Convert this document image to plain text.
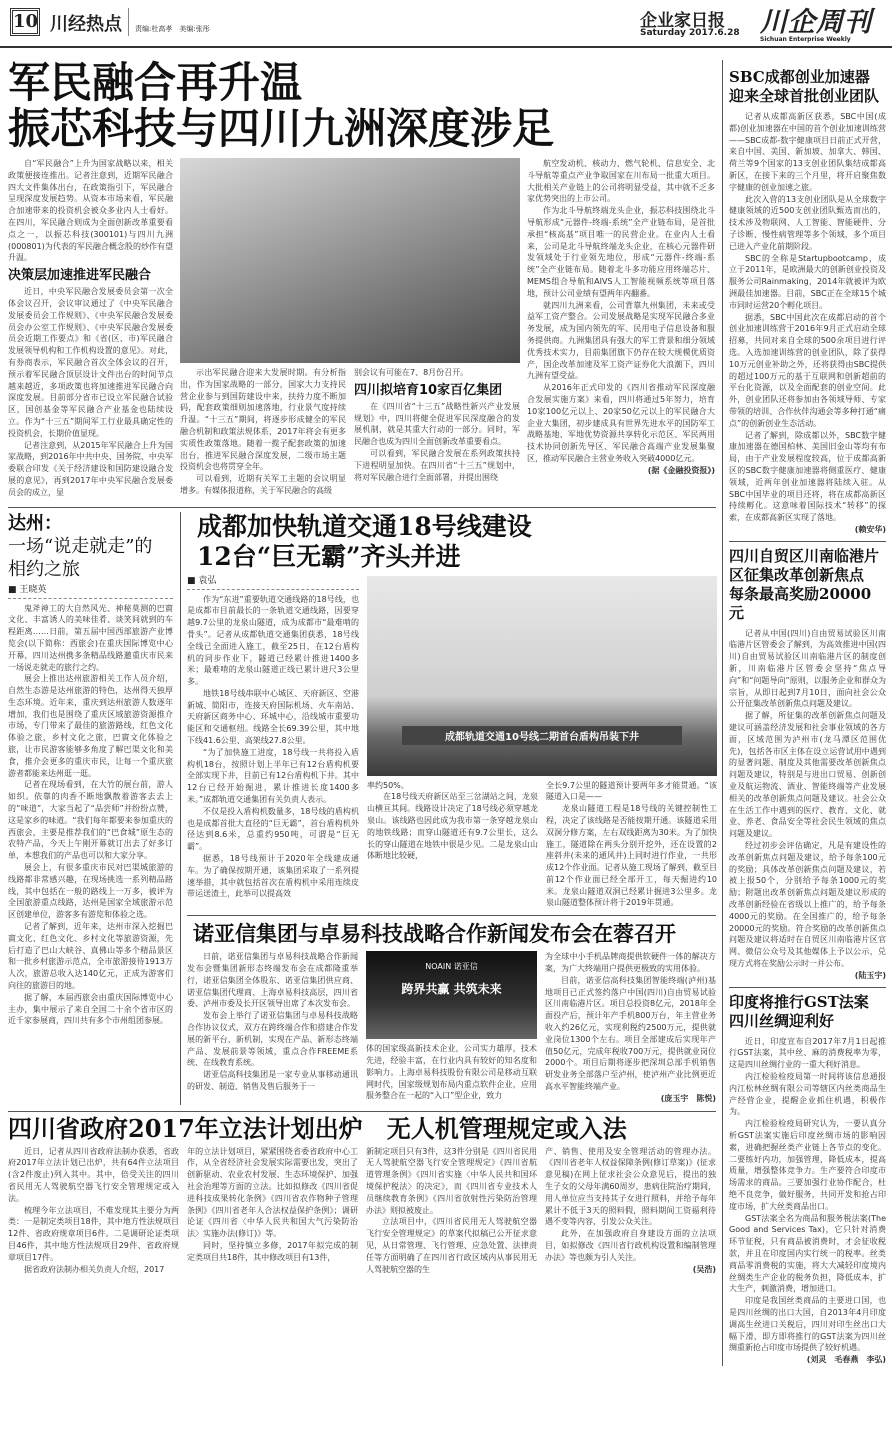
10 川经热点 责编:杜高孝　美编:张彤	企业家日报
Saturday 2017.6.28 川企周刊
Sichuan Enterprise Weekly
军民融合再升温
振芯科技与四川九洲深度涉足

自“军民融合”上升为国家战略以来，相关政策便接连推出。记者注意到，近期军民融合四大文件集体出台，在政策指引下，军民融合呈现深度发展趋势。从资本市场来看，军民融合加速带来的投资机会被众多业内人士看好。在四川，军民融合则成为全面创新改革重要看点之一，以振芯科技(300101)与四川九洲(000801)为代表的军民融合概念股的炒作有望升温。

决策层加速推进军民融合

近日，中央军民融合发展委员会第一次全体会议召开，会议审议通过了《中央军民融合发展委员会工作规则》、《中央军民融合发展委员会办公室工作规则》、《中央军民融合发展委员会近期工作要点》和《省(区、市)军民融合发展领导机构和工作机构设置的意见》。对此，有券商表示，军民融合首次全体会议的召开，预示着军民融合顶层设计文件出台的时间节点越来越近，多项政策也将加速推进军民融合向深度发展。目前部分省市已设立军民融合试验区，国创基金等军民融合产业基金也陆续设立。作为“十三五”期间军工行业最具确定性的投资机会，长期价值显现。

记者注意到，从2015年军民融合上升为国家战略，到2016年中共中央、国务院、中央军委联合印发《关于经济建设和国防建设融合发展的意见》，再到2017年中央军民融合发展委员会的成立，显

示出军民融合迎来大发展时期。有分析指出，作为国家战略的一部分，国家大力支持民营企业参与到国防建设中来，扶持力度不断加码，配套政策细则加速落地，行业景气度持续升温。“十三五”期间，将逐步形成健全的军民融合机制和政策法规体系，2017年将会有更多实质性政策落地。随着一揽子配套政策的加速出台，推进军民融合深度发展，二级市场主题投资机会也将贯穿全年。

可以看到，近期有关军工主题的会议明显增多。有媒体报道称，关于军民融合的高级

别会议有可能在7、8月份召开。

四川拟培育10家百亿集团

在《四川省“十三五”战略性新兴产业发展规划》中，四川将健全促进军民深度融合的发展机制，就是其重大行动的一部分。同时，军民融合也成为四川全面创新改革重要看点。

可以看到，军民融合发展在系列政策扶持下进程明显加快。在四川省“十三五”规划中，将对军民融合进行全面部署，并提出围绕

航空发动机、核动力、燃气轮机、信息安全、北斗导航等重点产业争取国家在川布局一批重大项目。大批相关产业链上的公司将明显受益，其中就不乏多家优势突出的上市公司。

作为北斗导航终端龙头企业，振芯科技围绕北斗导航形成“元器件-终端-系统”全产业链布局，是首批承担“核高基”项目唯一的民营企业。在业内人士看来，公司是北斗导航终端龙头企业，在核心元器件研发领域处于行业领先地位，形成“元器件-终端-系统”全产业链布局。随着北斗多功能应用终端芯片、MEMS组合导航和AIVS人工智能视频系统等项目落地，预计公司业绩有望两年内翻番。

就四川九洲来看，公司背靠九州集团，未来或受益军工资产整合。公司发展战略是实现军民融合多业务发展，成为国内领先的军、民用电子信息设备和服务提供商。九洲集团具有强大的军工背景和细分领域优秀技术实力，目前集团旗下仍存在较大规模优质资产，国企改革加速及军工资产证券化大浪潮下，四川九洲有望受益。

从2016年正式印发的《四川省推动军民深度融合发展实施方案》来看，四川将通过5年努力，培育10家100亿元以上、20家50亿元以上的军民融合大企业大集团，初步建成具有世界先进水平的国防军工战略基地、军地优势资源共享转化示范区、军民两用技术协同创新先导区、军民融合高端产业发展集聚区，推动军民融合主营业务收入突破4000亿元。

(据《金融投资报》)
达州：
一场“说走就走”的
相约之旅
■ 王晓英

鬼斧神工的大自然风光、神秘莫测的巴賨文化、丰富诱人的美味佳肴、谈笑间就到的车程距离……日前，第五届中国西部旅游产业博览会(以下简称：西旅会)在重庆国际博览中心开幕，四川达州携多条精品线路邀重庆市民来一场说走就走的旅行之约。

展会上推出达州旅游相关工作人员介绍，自然生态游是达州旅游的特色，达州得天独厚生态环境。近年来，重庆到达州旅游人数逐年增加，我们也是围绕了重庆区域旅游资源推介市场，专门带来了最佳的旅游路线，红色文化体验之旅，乡村文化之旅，巴賨文化体验之旅，让市民游客能够多角度了解巴渠文化和美食，推介会更多的重庆市民，让每一个重庆旅游者都能来达州逛一逛。

记者在现场看到，在大竹的展台前，游人如织。依靠的肉香不断地飘散着游客去去上的“味道”，大家当起了“品尝师”并纷纷点赞，这是家乡的味道。“我们每年都要来参加重庆的西旅会，主要是推荐我们的“巴食城”原生态的农特产品，今天上午刚开幕就订出去了好多订单，本想我们的产品也可以和大家分享。

展会上，有很多重庆市民对巴渠城旅游的线路都非常感兴趣，在现场挑选一系列精品路线，其中包括在一般的路线上一万多，被评为全国旅游重点线路，达州是国家全域旅游示范区创建单位，游客多有游览和体验之选。

记者了解到，近年来，达州市深入挖掘巴賨文化、红色文化、乡村文化等旅游资源，先后打造了巴山大峡谷、真佛山等多个精品景区和一批乡村旅游示范点，全市旅游接待1913万人次，旅游总收入达140亿元，正成为游客们向往的旅游目的地。

据了解，本届西旅会由重庆国际博览中心主办，集中展示了来自全国二十余个省市区的近千家参展商，四川共有多个市州组团参展。

成都加快轨道交通18号线建设
12台“巨无霸”齐头并进
■ 袁弘

作为“东进”重要轨道交通线路的18号线，也是成都市目前最长的一条轨道交通线路，因要穿越9.7公里的龙泉山隧道，成为成都市“最难啃的骨头”。记者从成都轨道交通集团获悉，18号线全线已全面进入施工，截至25日，在12台盾构机的同步作业下，隧道已经累计推进1400多米；最难啃的龙泉山隧道正线已累计进尺3公里多。

地铁18号线串联中心城区、天府新区、空港新城、简阳市，连接天府国际机场、火车南站、天府新区商务中心、环城中心，沿线城市重要功能区和交通枢纽。线路全长69.39公里，其中地下线41.6公里、高架线27.8公里。

“为了加快施工进度，18号线一共将投入盾构机18台，按照计划上半年已有12台盾构机要全部实现下井，目前已有12台盾构机下井。其中12台已经开始掘进，累计推进长度1400多米。”成都轨道交通集团有关负责人表示。

不仅是投入盾构机数量多，18号线的盾构机也是成都首批大直径的“巨无霸”，首台盾构机外径达到8.6米，总重约950吨，可谓是“巨无霸”。

据悉，18号线预计于2020年全线建成通车。为了确保按期开通，该集团采取了一系列提速举措，其中就包括首次在盾构机中采用连续皮带运送渣土，此举可以提高效

成都轨道交通10号线二期首台盾构吊装下井

率约50%。

在18号线天府新区站至三岔湖站之间，龙泉山横亘其间。线路设计决定了18号线必须穿越龙泉山。该线路也因此成为我市第一条穿越龙泉山的地铁线路；而穿山隧道还有9.7公里长，这么长的穿山隧道在地铁中很是少见。二是龙泉山山体断地比较硬，

全长9.7公里的隧道预计要两年多才能贯通。“该隧道入口是——

龙泉山隧道工程是18号线的关键控制性工程，决定了该线路是否能按期开通。该隧道采用双洞分修方案，左右双线距离为30米。为了加快施工，隧道除在两头分别开挖外，还在设置的2座斜井(未来的通风井)上同时进行作业，一共形成12个作业面。记者从施工现场了解到，截至目前12个作业面已经全部开工，每天掘进约10米。龙泉山隧道双洞已经累计掘进3公里多。龙泉山隧道整体预计将于2019年贯通。

诺亚信集团与卓易科技战略合作新闻发布会在蓉召开

日前，诺亚信集团与卓易科技战略合作新闻发布会暨集团新形态终端发布会在成都隆重举行，诺亚信集团全体股东、诺亚信集团供应商、诺亚信集团代理商、上海卓易科技高层，四川省委、泸州市委及长开区领导出席了本次发布会。

发布会上举行了诺亚信集团与卓易科技战略合作协议仪式，双方在跨终端合作和搭建合作发展的新平台、新机制，实现在产品、新形态终端产品、发展前景等领域，重点合作FREEME系统、在线教育系统。

诺亚信高科技集团是一家专业从事移动通讯的研发、制造、销售及售后服务于一

NOAIN 诺亚信
跨界共赢 共筑未来

体的国家级高新技术企业，公司实力雄厚，技术先进，经验丰富，在行业内具有较好的知名度和影响力。上海卓易科技股份有限公司是移动互联网时代，国家级规划布局内重点软件企业，应用服务整合在一起的“入口”型企业，致力

为全球中小手机品牌商提供软硬件一体的解决方案，为广大终端用户提供更极致的实用体验。

目前，诺亚信高科技集团智能终端(泸州)基地项目已正式签约落户中国(四川)自由贸易试验区川南临港片区。项目总投资8亿元，2018年全面投产后，预计年产手机800万台，年主营业务收入约26亿元，实现利税约2500万元，提供就业岗位1300个左右。项目全部建成后实现年产值50亿元，完成年税收700万元，提供就业岗位2000个。项目后期将逐步把深圳总部手机销售研发业务全部落户至泸州，使泸州产业比例更近高水平智能终端产业。

(庞玉宇　陈悦)
四川省政府2017年立法计划出炉　无人机管理规定或入法

近日，记者从四川省政府法制办获悉，省政府2017年立法计划已出炉，共有64件立法项目(含2件废止)列入其中。其中，倍受关注的四川省民用无人驾驶航空器飞行安全管理规定或入法。

梳理今年立法项目，不难发现其主要分为两类：一是制定类项目18件，其中地方性法规项目12件、省政府规章项目6件。二是调研论证类项目46件，其中地方性法规项目29件、省政府规章项目17件。

据省政府法制办相关负责人介绍，2017

年的立法计划项目，紧紧围绕省委省政府中心工作，从全省经济社会发展实际需要出发，突出了创新驱动、农业农村发展、生态环境保护、加强社会治理等方面的立法。比如拟修改《四川省促进科技成果转化条例》《四川省农作物种子管理条例》《四川省老年人合法权益保护条例》；调研论证《四川省〈中华人民共和国大气污染防治法〉实施办法(修订)》等。

同时，坚持慎立多修，2017年拟完成的制定类项目共18件，其中修改项目有13件，

新制定项目只有3件，这3件分别是《四川省民用无人驾驶航空器飞行安全管理规定》《四川省航道管理条例》《四川省实施〈中华人民共和国环境保护税法〉的决定》，而《四川省专业技术人员继续教育条例》《四川省放射性污染防治管理办法》则拟被废止。

立法项目中，《四川省民用无人驾驶航空器飞行安全管理规定》的草案代拟稿已公开征求意见，从日常管理、飞行管理、应急处置、法律责任等方面明确了在四川省行政区域内从事民用无人驾驶航空器的生

产、销售、使用及安全管理活动的管理办法。《四川省老年人权益保障条例(修订草案)》(征求意见稿)在网上征求社会公众意见后，提出的独生子女的父母年满60周岁，患病住院治疗期间，用人单位应当支持其子女进行照料，并给予每年累计不低于3天的照料假，照料期间工资福利待遇不变等内容，引发公众关注。

此外，在加强政府自身建设方面的立法项目，如拟修改《四川省行政机构设置和编制管理办法》等也颇为引人关注。

(吴浩)
SBC成都创业加速器
迎来全球首批创业团队

记者从成都高新区获悉，SBC中国(成都)创业加速器在中国的首个创业加速训练营——SBC成都-数字健康项目日前正式开营，来自中国、美国、新加坡、加拿大、韩国、荷兰等9个国家的13支创业团队集结成都高新区，在接下来的三个月里，将开启聚焦数字健康的创业加速之旅。

此次入营的13支创业团队是从全球数字健康领域的近500支创业团队甄选而出的，技术涉及物联网、人工智能、智能硬件、分子诊断、慢性病管理等多个领域，多个项目已进入产业化前期阶段。

SBC的全称是Startupbootcamp，成立于2011年，是欧洲最大的创新创业投资及服务公司Rainmaking，2014年就被评为欧洲最佳加速器。目前，SBC正在全球15个城市同时运营20个孵化项目。

据悉，SBC中国此次在成都启动的首个创业加速训练营于2016年9月正式启动全球招募，共同对来自全球的500余项目进行评选。入选加速训练营的创业团队，除了获得10万元创业补助之外，还将获得由SBC提供的超过100万元的基于互联网和创新超前的平台化资源，以及全面配套的创业空间。此外，创业团队还将参加由各领域导师、专家带领的培训、合作伙伴沟通会等多种打通“痛点”的创新创业生态活动。

记者了解到，除成都以外，SBC数字健康加速器在德国柏林、美国旧金山等均有布局，由于产业发展程度较高，位于成都高新区的SBC数字健康加速器将侧重医疗、健康领域，近两年创业加速器将陆续入驻。从SBC中国毕业的项目还将，将在成都高新区持续孵化。这意味着国际技术“转移”的探索，在成都高新区实现了落地。

(赖安华)
四川自贸区川南临港片
区征集改革创新焦点
每条最高奖励20000元

记者从中国(四川)自由贸易试验区川南临港片区管委会了解到，为高效推进中国(四川)自由贸易试验区川南临港片区的制度创新，川南临港片区管委会坚持“焦点导向”和“问题导向”原则，以服务企业和群众为宗旨，从即日起到7月10日，面向社会公众公开征集改革创新焦点问题及建议。

据了解，所征集的改革创新焦点问题及建议可涵盖经济发展和社会事业领域的各方面，区域范围为泸州市(龙马潭区范围优先)，包括各市区主体在设立运营试用中遇到的显著问题、制度及其他需要改革创新焦点问题及建议，特别是与进出口贸易、创新创业及航运物流、酒业、智能终端等产业发展相关的改革创新焦点问题及建议。社会公众在生活工作中遇到的医疗、教育、文化、就业、养老、食品安全等社会民生领域的焦点问题及建议。

经过初步会评估确定，凡是有建设性的改革创新焦点问题及建议，给予每条100元的奖励；具体改革创新焦点问题及建议，若被上报50个，分别给予每条1000元的奖励；附题出改革创新焦点问题及建议形成的改革创新经验在省级以上推广的，给予每条4000元的奖励。在全国推广的，给予每条20000元的奖励。符合奖励的改革创新焦点问题及建议将适时在自贸区川南临港片区官网、微信公众号及其他媒体上予以公示，兑现方式将在奖励公示时一并公布。

(陆玉宇)
印度将推行GST法案
四川丝绸迎利好

近日，印度宣布自2017年7月1日起推行GST法案，其中丝、麻的消费税率为零，这是四川丝绸行业的一重大利好消息。

内江检验检疫局第一时间将该信息通报内江松林丝绸有限公司等辖区内丝类商品生产经营企业，提醒企业抓住机遇，积极作为。

内江检验检疫局研究认为，一要认真分析GST法案实施后印度丝绸市场的影响因素，进确把握丝类产业链上各节点的变化。二要练好内功，加强管理，降低成本，提高质量，增强整体竞争力。生产要符合印度市场需求的商品。三要加强行业协作配合，杜绝不良竞争，做好服务，共同开发和抢占印度市场，扩大丝类商品出口。

GST法案全名为商品和服务税法案(The Good and Services Tax)，它只针对消费环节征税，只有商品被消费时，才会征收税款，并且在印度国内实行统一的税率。丝类商品零消费税的实施，将大大减轻印度境内丝绸类生产企业的税务负担，降低成本，扩大生产，刺激消费，增加进口。

印度是我国丝类商品的主要进口国，也是四川丝绸的出口大国，自2013年4月印度调高生丝进口关税后，四川对印生丝出口大幅下滑，即方即将推行的GST法案为四川丝绸重新抢占印度市场提供了较好机遇。

(刘灵　毛春燕　李弘)
